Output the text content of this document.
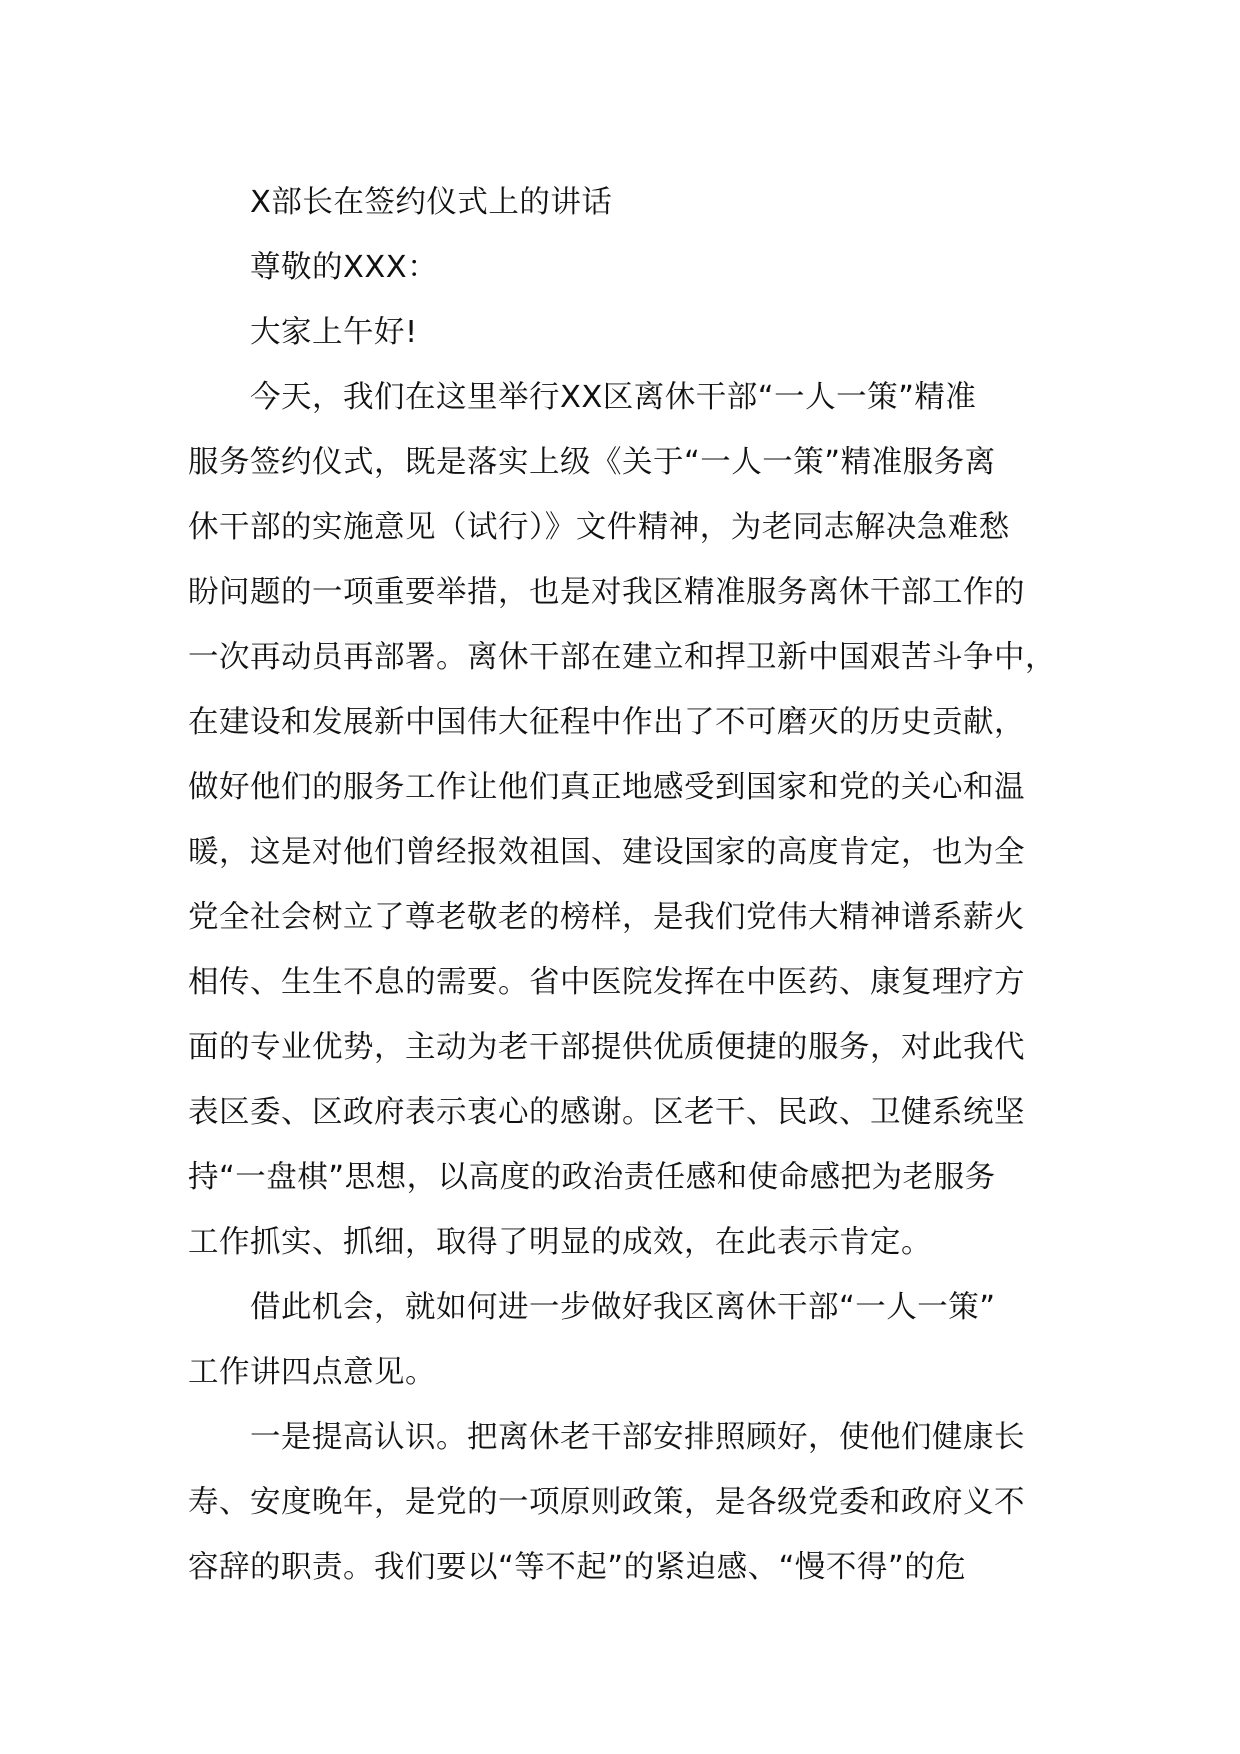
X部长在签约仪式上的讲话
尊敬的XXX：
大家上午好!
今天，我们在这里举行XX区离休干部“一人一策”精准
服务签约仪式，既是落实上级《关于“一人一策”精准服务离
休干部的实施意见（试行）》文件精神，为老同志解决急难愁
盼问题的一项重要举措，也是对我区精准服务离休干部工作的
一次再动员再部署。离休干部在建立和捍卫新中国艰苦斗争中，
在建设和发展新中国伟大征程中作出了不可磨灭的历史贡献，
做好他们的服务工作让他们真正地感受到国家和党的关心和温
暖，这是对他们曾经报效祖国、建设国家的高度肯定，也为全
党全社会树立了尊老敬老的榜样，是我们党伟大精神谱系薪火
相传、生生不息的需要。省中医院发挥在中医药、康复理疗方
面的专业优势，主动为老干部提供优质便捷的服务，对此我代
表区委、区政府表示衷心的感谢。区老干、民政、卫健系统坚
持“一盘棋”思想，以高度的政治责任感和使命感把为老服务
工作抓实、抓细，取得了明显的成效，在此表示肯定。
借此机会，就如何进一步做好我区离休干部“一人一策”
工作讲四点意见。
一是提高认识。把离休老干部安排照顾好，使他们健康长
寿、安度晚年，是党的一项原则政策，是各级党委和政府义不
容辞的职责。我们要以“等不起”的紧迫感、“慢不得”的危
